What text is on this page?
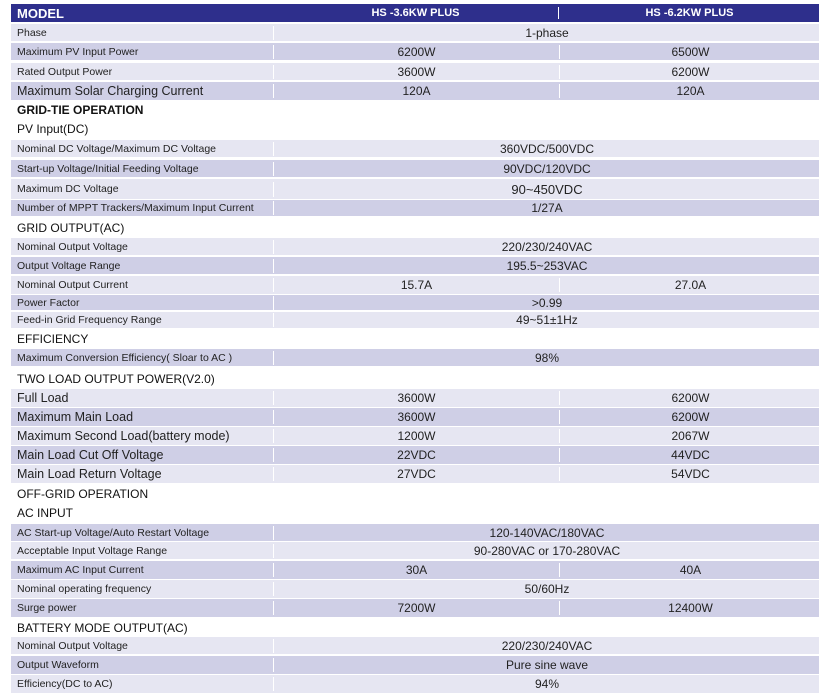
MODEL	HS -3.6KW PLUS	HS -6.2KW PLUS
Phase	1-phase
Maximum PV Input Power	6200W	6500W
Rated Output Power	3600W	6200W
Maximum Solar Charging Current	120A	120A
GRID-TIE OPERATION
PV Input(DC)
Nominal DC Voltage/Maximum DC Voltage	360VDC/500VDC
Start-up Voltage/Initial Feeding Voltage	90VDC/120VDC
Maximum DC Voltage	90~450VDC
Number of MPPT Trackers/Maximum Input Current	1/27A
GRID OUTPUT(AC)
Nominal Output Voltage	220/230/240VAC
Output Voltage Range	195.5~253VAC
Nominal Output Current	15.7A	27.0A
Power Factor	>0.99
Feed-in Grid Frequency Range	49~51±1Hz
EFFICIENCY
Maximum Conversion Efficiency( Sloar to AC )	98%
TWO LOAD OUTPUT POWER(V2.0)
Full Load	3600W	6200W
Maximum Main Load	3600W	6200W
Maximum Second Load(battery mode)	1200W	2067W
Main Load Cut Off Voltage	22VDC	44VDC
Main Load Return Voltage	27VDC	54VDC
OFF-GRID OPERATION
AC INPUT
AC Start-up Voltage/Auto Restart Voltage	120-140VAC/180VAC
Acceptable Input Voltage Range	90-280VAC or 170-280VAC
Maximum AC Input Current	30A	40A
Nominal operating frequency	50/60Hz
Surge power	7200W	12400W
BATTERY MODE OUTPUT(AC)
Nominal Output Voltage	220/230/240VAC
Output Waveform	Pure sine wave
Efficiency(DC to AC)	94%
